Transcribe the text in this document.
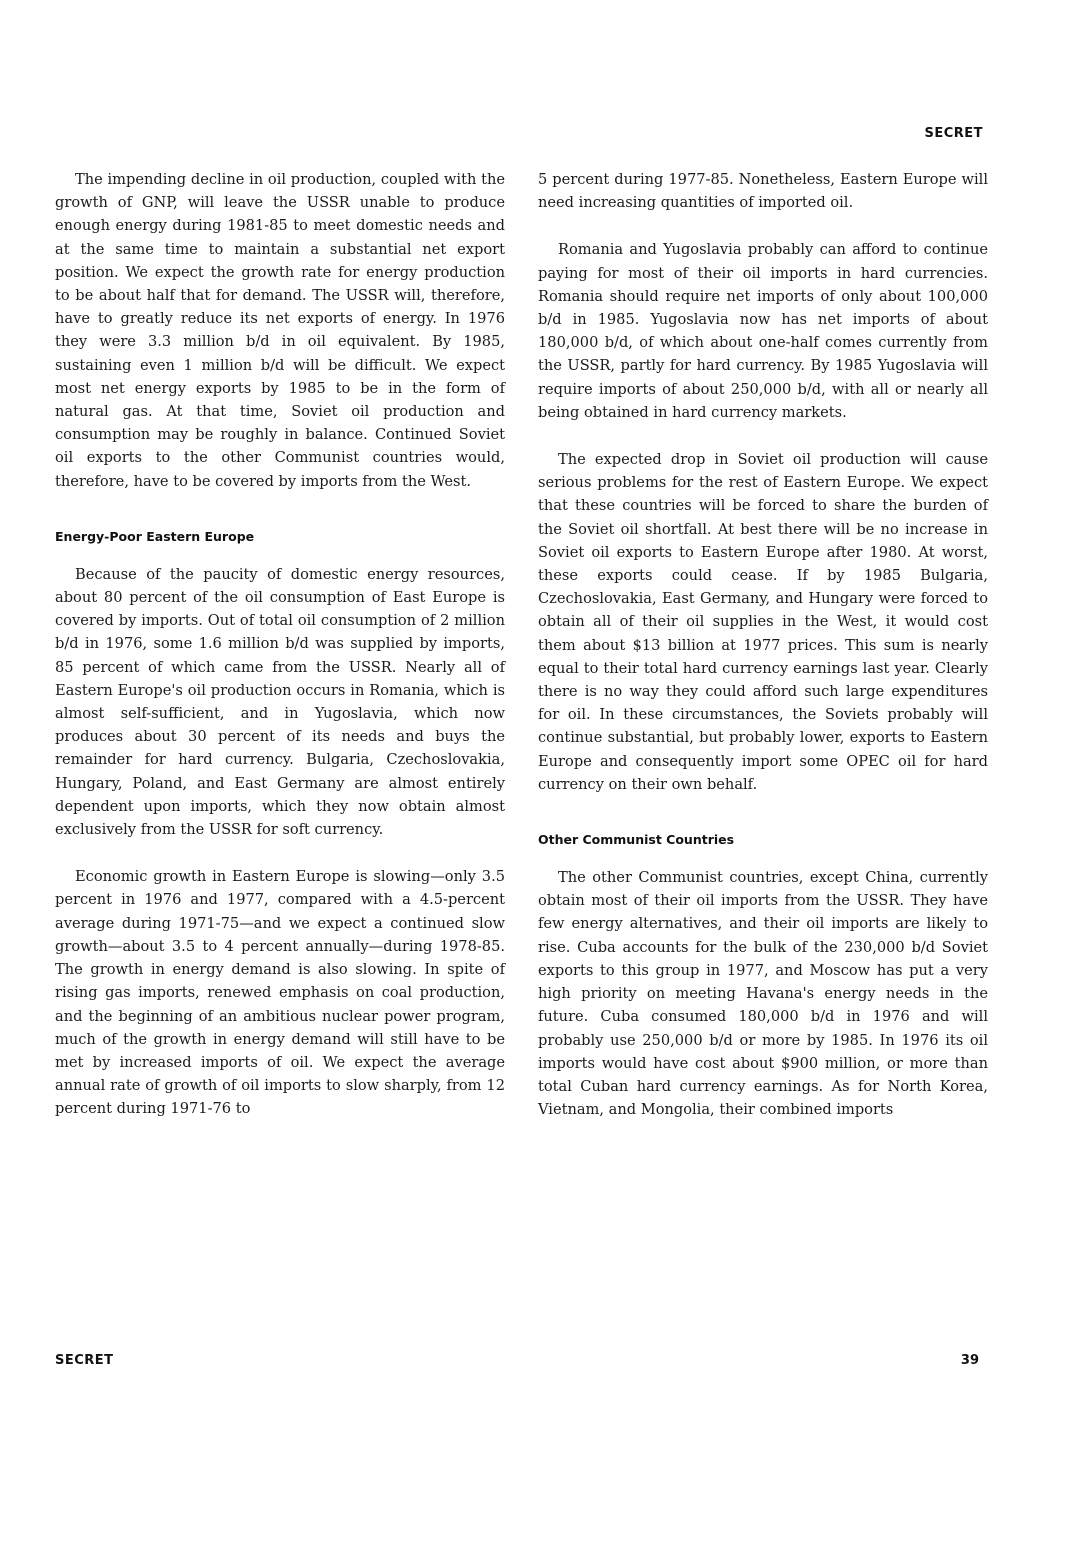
SECRET

The impending decline in oil production, coupled with the growth of GNP, will leave the USSR unable to produce enough energy during 1981-85 to meet domestic needs and at the same time to maintain a substantial net export position. We expect the growth rate for energy production to be about half that for demand. The USSR will, therefore, have to greatly reduce its net exports of energy. In 1976 they were 3.3 million b/d in oil equivalent. By 1985, sustaining even 1 million b/d will be difficult. We expect most net energy exports by 1985 to be in the form of natural gas. At that time, Soviet oil production and consumption may be roughly in balance. Continued Soviet oil exports to the other Communist countries would, therefore, have to be covered by imports from the West.

Energy-Poor Eastern Europe

Because of the paucity of domestic energy resources, about 80 percent of the oil consumption of East Europe is covered by imports. Out of total oil consumption of 2 million b/d in 1976, some 1.6 million b/d was supplied by imports, 85 percent of which came from the USSR. Nearly all of Eastern Europe's oil production occurs in Romania, which is almost self-sufficient, and in Yugoslavia, which now produces about 30 percent of its needs and buys the remainder for hard currency. Bulgaria, Czechoslovakia, Hungary, Poland, and East Germany are almost entirely dependent upon imports, which they now obtain almost exclusively from the USSR for soft currency.

Economic growth in Eastern Europe is slowing—only 3.5 percent in 1976 and 1977, compared with a 4.5-percent average during 1971-75—and we expect a continued slow growth—about 3.5 to 4 percent annually—during 1978-85. The growth in energy demand is also slowing. In spite of rising gas imports, renewed emphasis on coal production, and the beginning of an ambitious nuclear power program, much of the growth in energy demand will still have to be met by increased imports of oil. We expect the average annual rate of growth of oil imports to slow sharply, from 12 percent during 1971-76 to

5 percent during 1977-85. Nonetheless, Eastern Europe will need increasing quantities of imported oil.

Romania and Yugoslavia probably can afford to continue paying for most of their oil imports in hard currencies. Romania should require net imports of only about 100,000 b/d in 1985. Yugoslavia now has net imports of about 180,000 b/d, of which about one-half comes currently from the USSR, partly for hard currency. By 1985 Yugoslavia will require imports of about 250,000 b/d, with all or nearly all being obtained in hard currency markets.

The expected drop in Soviet oil production will cause serious problems for the rest of Eastern Europe. We expect that these countries will be forced to share the burden of the Soviet oil shortfall. At best there will be no increase in Soviet oil exports to Eastern Europe after 1980. At worst, these exports could cease. If by 1985 Bulgaria, Czechoslovakia, East Germany, and Hungary were forced to obtain all of their oil supplies in the West, it would cost them about $13 billion at 1977 prices. This sum is nearly equal to their total hard currency earnings last year. Clearly there is no way they could afford such large expenditures for oil. In these circumstances, the Soviets probably will continue substantial, but probably lower, exports to Eastern Europe and consequently import some OPEC oil for hard currency on their own behalf.

Other Communist Countries

The other Communist countries, except China, currently obtain most of their oil imports from the USSR. They have few energy alternatives, and their oil imports are likely to rise. Cuba accounts for the bulk of the 230,000 b/d Soviet exports to this group in 1977, and Moscow has put a very high priority on meeting Havana's energy needs in the future. Cuba consumed 180,000 b/d in 1976 and will probably use 250,000 b/d or more by 1985. In 1976 its oil imports would have cost about $900 million, or more than total Cuban hard currency earnings. As for North Korea, Vietnam, and Mongolia, their combined imports

SECRET	39
